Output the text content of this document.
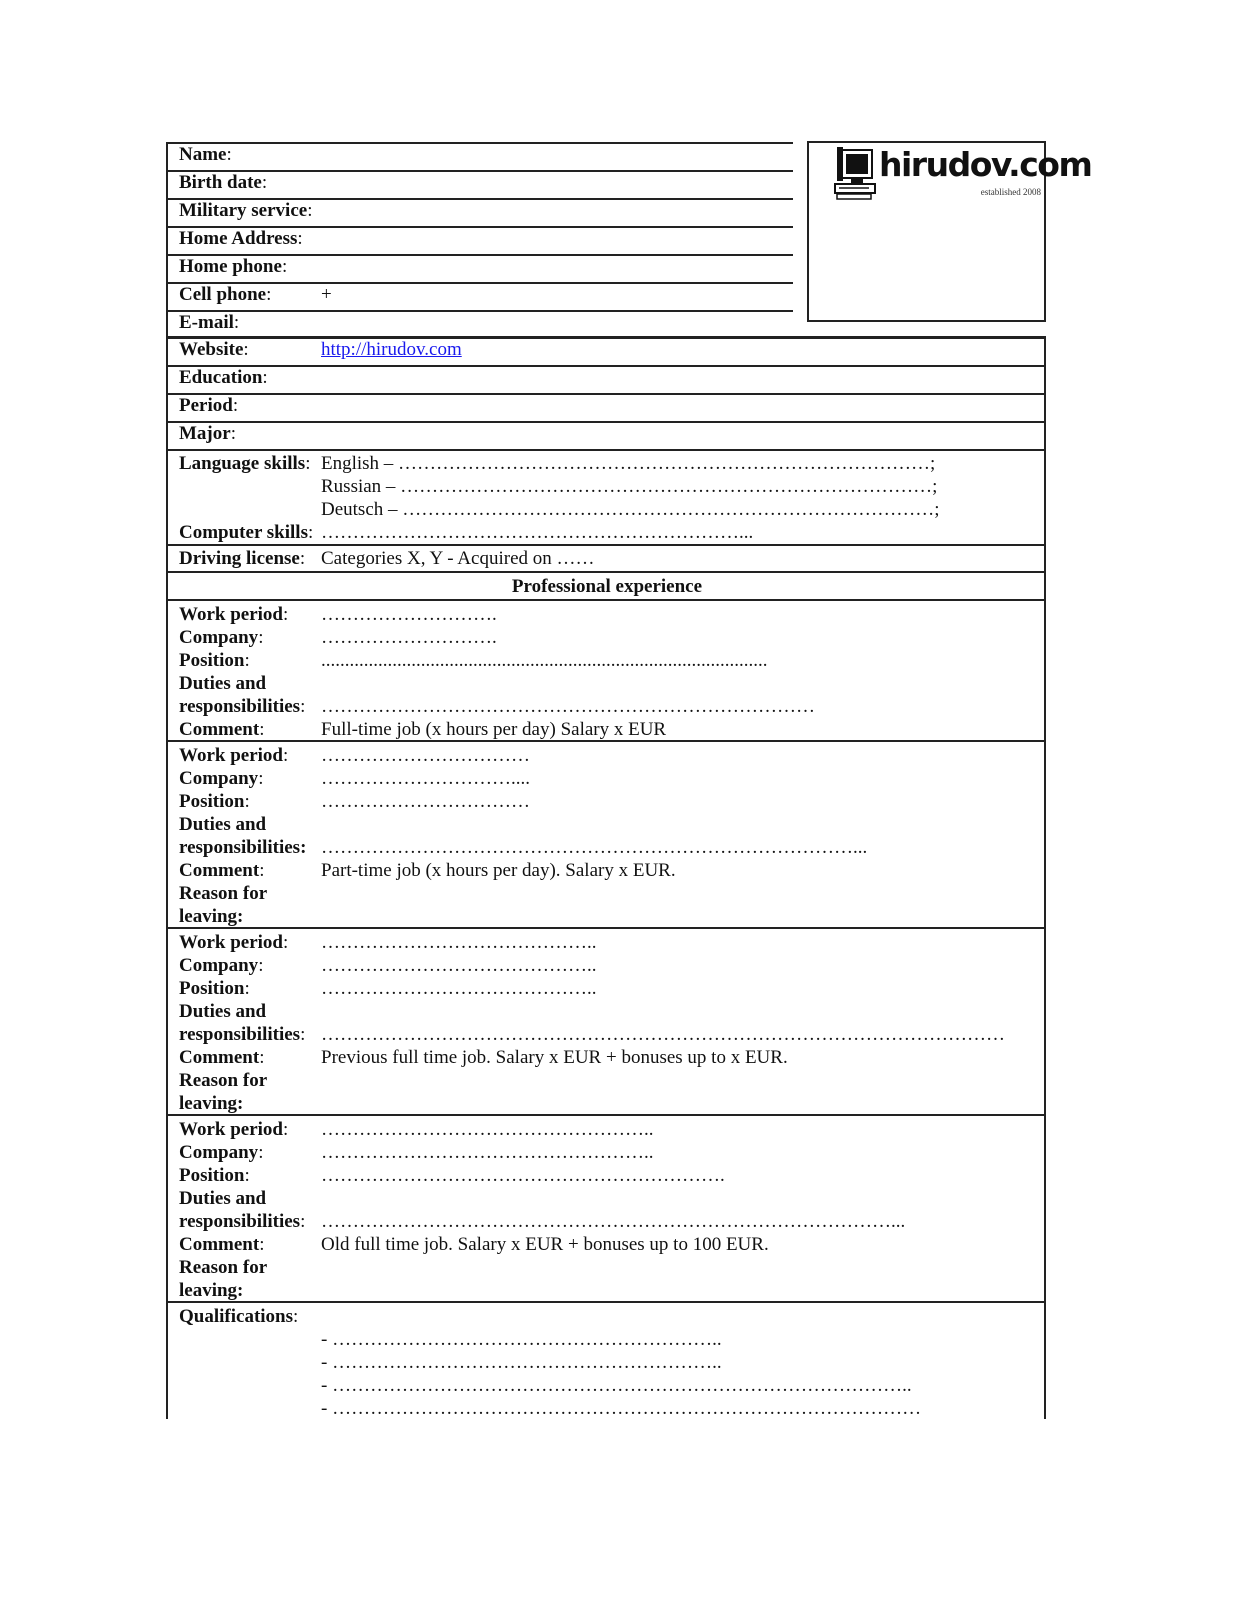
hirudov.com
established 2008
Name:
Birth date:
Military service:
Home Address:
Home phone:
Cell phone:	+
E-mail:
Website:	http://hirudov.com
Education:
Period:
Major:
Language skills: English – …………………………………………………………………………;
Russian – …………………………………………………………………………;
Deutsch – …………………………………………………………………………;
Computer skills: …………………………………………………………...
Driving license: Categories X, Y - Acquired on ……
Professional experience
Work period: ……………………….
Company:	……………………….
Position:	..............................................................................................
Duties and
responsibilities: ……………………………………………………………………
Comment:	Full-time job (x hours per day) Salary x EUR
Work period: ……………………………
Company:	…………………………....
Position:	……………………………
Duties and
responsibilities: …………………………………………………………………………...
Comment:	Part-time job (x hours per day). Salary x EUR.
Reason for
leaving:
Work period: ……………………………………..
Company:	……………………………………..
Position:	……………………………………..
Duties and
responsibilities: ………………………………………………………………………………………………
Comment:	Previous full time job. Salary x EUR + bonuses up to x EUR.
Reason for
leaving:
Work period: ……………………………………………..
Company:	……………………………………………..
Position:	……………………………………………………….
Duties and
responsibilities: ………………………………………………………………………………...
Comment:	Old full time job. Salary x EUR + bonuses up to 100 EUR.
Reason for
leaving:
Qualifications:
- ……………………………………………………..
- ……………………………………………………..
- ………………………………………………………………………………..
- …………………………………………………………………………………
